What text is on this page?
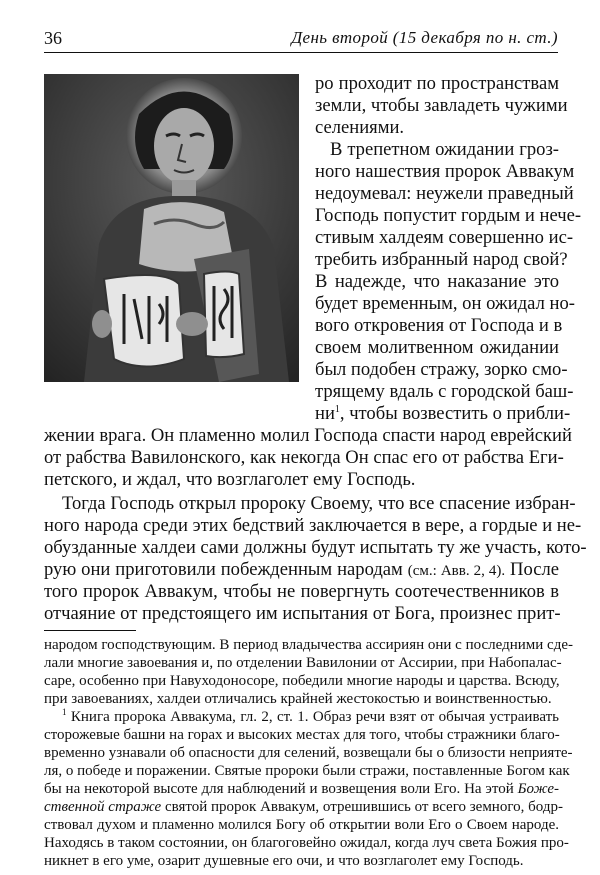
36	День второй (15 декабря по н. ст.)
ро проходит по пространствам
земли, чтобы завладеть чужими
селениями.
В трепетном ожидании гроз-
ного нашествия пророк Аввакум
недоумевал: неужели праведный
Господь попустит гордым и нече-
стивым халдеям совершенно ис-
требить избранный народ свой?
В надежде, что наказание это
будет временным, он ожидал но-
вого откровения от Господа и в
своем молитвенном ожидании
был подобен стражу, зорко смо-
трящему вдаль с городской баш-
$ни^1$, чтобы возвестить о прибли-
жении врага. Он пламенно молил Господа спасти народ еврейский
от рабства Вавилонского, как некогда Он спас его от рабства Еги-
петского, и ждал, что возглаголет ему Господь.
Тогда Господь открыл пророку Своему, что все спасение избран-
ного народа среди этих бедствий заключается в вере, а гордые и не-
обузданные халдеи сами должны будут испытать ту же участь, кото-
рую они приготовили побежденным народам (см.: Авв. 2, 4). После
того пророк Аввакум, чтобы не повергнуть соотечественников в
отчаяние от предстоящего им испытания от Бога, произнес прит-
народом господствующим. В период владычества ассириян они с последними сде-
лали многие завоевания и, по отделении Вавилонии от Ассирии, при Набопалас-
саре, особенно при Навуходоносоре, победили многие народы и царства. Всюду,
при завоеваниях, халдеи отличались крайней жестокостью и воинственностью.
$^1$ Книга пророка Аввакума, гл. 2, ст. 1. Образ речи взят от обычая устраивать
сторожевые башни на горах и высоких местах для того, чтобы стражники благо-
временно узнавали об опасности для селений, возвещали бы о близости неприяте-
ля, о победе и поражении. Святые пророки были стражи, поставленные Богом как
бы на некоторой высоте для наблюдений и возвещения воли Его. На этой Боже-
ственной страже святой пророк Аввакум, отрешившись от всего земного, бодр-
ствовал духом и пламенно молился Богу об открытии воли Его о Своем народе.
Находясь в таком состоянии, он благоговейно ожидал, когда луч света Божия про-
никнет в его уме, озарит душевные его очи, и что возглаголет ему Господь.
